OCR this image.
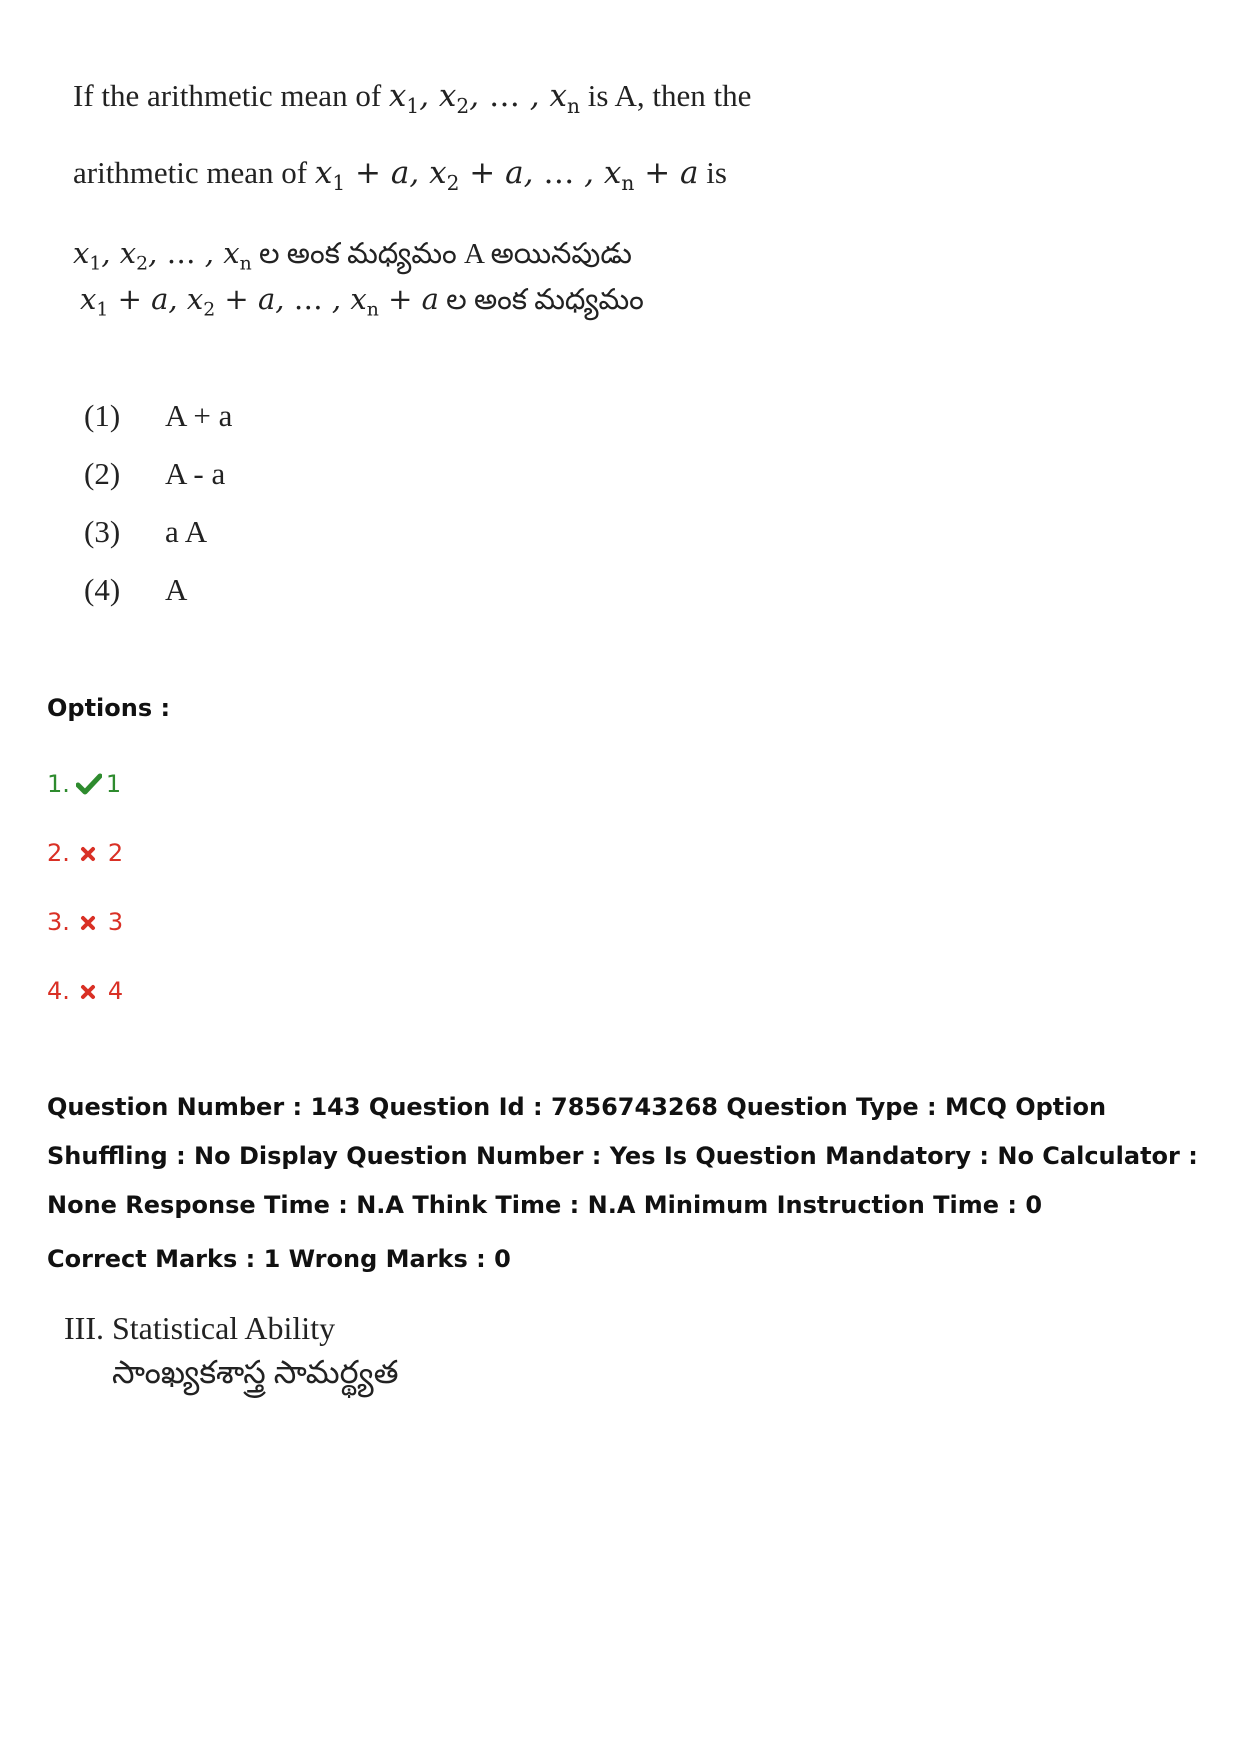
If the arithmetic mean of $x_1$, $x_2$, … , $x_n$ is A, then the
arithmetic mean of $x_1 + a$, $x_2 + a$, … , $x_n + a$ is
$x_1$, $x_2$, … , $x_n$ ల అంక మధ్యమం A అయినపుడు
$x_1 + a$, $x_2 + a$, … , $x_n + a$ ల అంక మధ్యమం
(1) A + a
(2) A - a
(3) a A
(4) A
Options :
1. 1
2. 2
3. 3
4. 4
Question Number : 143 Question Id : 7856743268 Question Type : MCQ Option Shuffling : No Display Question Number : Yes Is Question Mandatory : No Calculator : None Response Time : N.A Think Time : N.A Minimum Instruction Time : 0
Correct Marks : 1 Wrong Marks : 0
III. Statistical Ability
సాంఖ్యకశాస్త్ర సామర్థ్యత
